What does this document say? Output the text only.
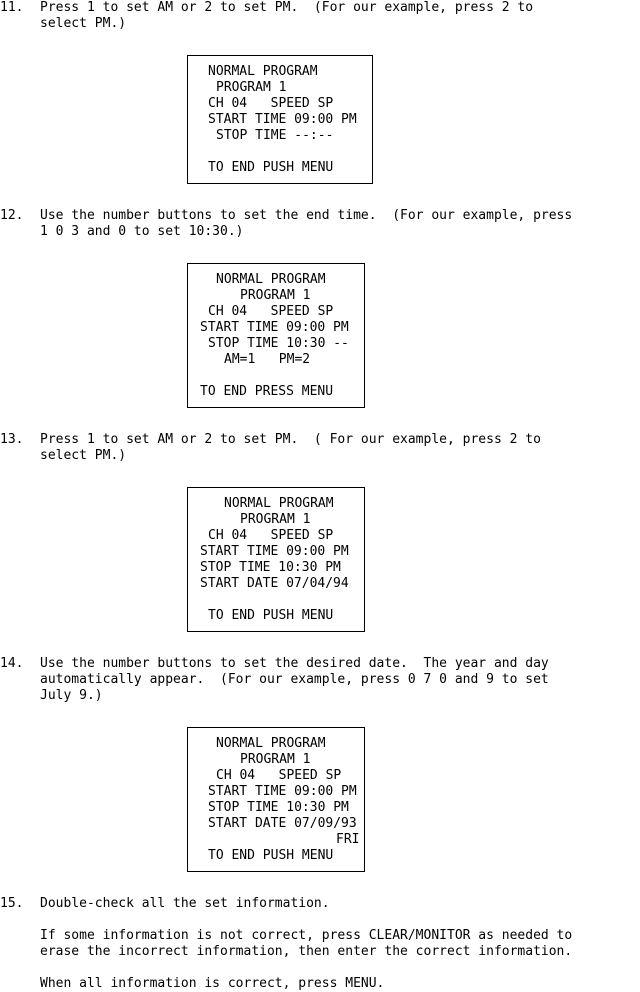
11. Press 1 to set AM or 2 to set PM.  (For our example, press 2 to
select PM.)
NORMAL PROGRAM
PROGRAM 1
CH 04   SPEED SP
START TIME 09:00 PM
STOP TIME --:--
TO END PUSH MENU
12. Use the number buttons to set the end time.  (For our example, press
1 0 3 and 0 to set 10:30.)
NORMAL PROGRAM
PROGRAM 1
CH 04   SPEED SP
START TIME 09:00 PM
STOP TIME 10:30 --
AM=1   PM=2
TO END PRESS MENU
13. Press 1 to set AM or 2 to set PM.  ( For our example, press 2 to
select PM.)
NORMAL PROGRAM
PROGRAM 1
CH 04   SPEED SP
START TIME 09:00 PM
STOP TIME 10:30 PM
START DATE 07/04/94
TO END PUSH MENU
14. Use the number buttons to set the desired date.  The year and day
automatically appear.  (For our example, press 0 7 0 and 9 to set
July 9.)
NORMAL PROGRAM
PROGRAM 1
CH 04   SPEED SP
START TIME 09:00 PM
STOP TIME 10:30 PM
START DATE 07/09/93
FRI
TO END PUSH MENU
15. Double-check all the set information.
If some information is not correct, press CLEAR/MONITOR as needed to
erase the incorrect information, then enter the correct information.
When all information is correct, press MENU.
